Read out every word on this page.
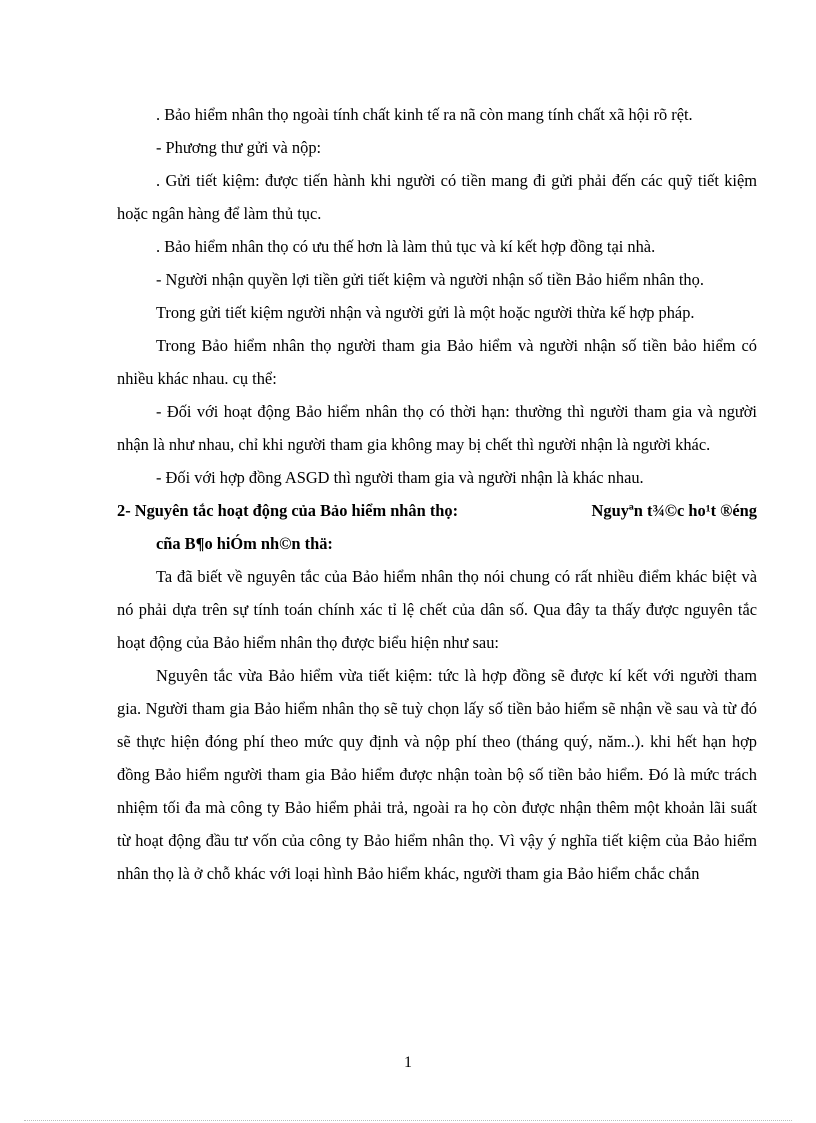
. Bảo hiểm nhân thọ ngoài tính chất kinh tế ra nã còn mang tính chất xã hội rõ rệt.

- Phương thư gửi và nộp:

. Gửi tiết kiệm: được tiến hành khi người có tiền mang đi gửi phải đến các quỹ tiết kiệm hoặc ngân hàng để làm thủ tục.

. Bảo hiểm nhân thọ có ưu thế hơn là làm thủ tục và kí kết hợp đồng tại nhà.

- Người nhận quyền lợi tiền gửi tiết kiệm và người nhận số tiền Bảo hiểm nhân thọ.

Trong gửi tiết kiệm người nhận và người gửi là một hoặc người thừa kế hợp pháp.

Trong Bảo hiểm nhân thọ người tham gia Bảo hiểm và người nhận số tiền bảo hiểm có nhiều khác nhau. cụ thể:

- Đối với hoạt động Bảo hiểm nhân thọ có thời hạn: thường thì người tham gia và người nhận là như nhau, chỉ khi người tham gia không may bị chết thì người nhận là người khác.

- Đối với hợp đồng ASGD thì người tham gia và người nhận là khác nhau.

2- Nguyên tắc hoạt động của Bảo hiểm nhân thọ:	Nguyªn t¾©c ho¹t ®éng
cña B¶o hiÓm nh©n thä:

Ta đã biết về nguyên tắc của Bảo hiểm nhân thọ nói chung có rất nhiều điểm khác biệt và nó phải dựa trên sự tính toán chính xác tỉ lệ chết của dân số. Qua đây ta thấy được nguyên tắc hoạt động của Bảo hiểm nhân thọ được biểu hiện như sau:

Nguyên tắc vừa Bảo hiểm vừa tiết kiệm: tức là hợp đồng sẽ được kí kết với người tham gia. Người tham gia Bảo hiểm nhân thọ sẽ tuỳ chọn lấy số tiền bảo hiểm sẽ nhận về sau và từ đó sẽ thực hiện đóng phí theo mức quy định và nộp phí theo (tháng quý, năm..). khi hết hạn hợp đồng Bảo hiểm người tham gia Bảo hiểm được nhận toàn bộ số tiền bảo hiểm. Đó là mức trách nhiệm tối đa mà công ty Bảo hiểm phải trả, ngoài ra họ còn được nhận thêm một khoản lãi suất từ hoạt động đầu tư vốn của công ty Bảo hiểm nhân thọ. Vì vậy ý nghĩa tiết kiệm của Bảo hiểm nhân thọ là ở chỗ khác với loại hình Bảo hiểm khác, người tham gia Bảo hiểm chắc chắn

1
